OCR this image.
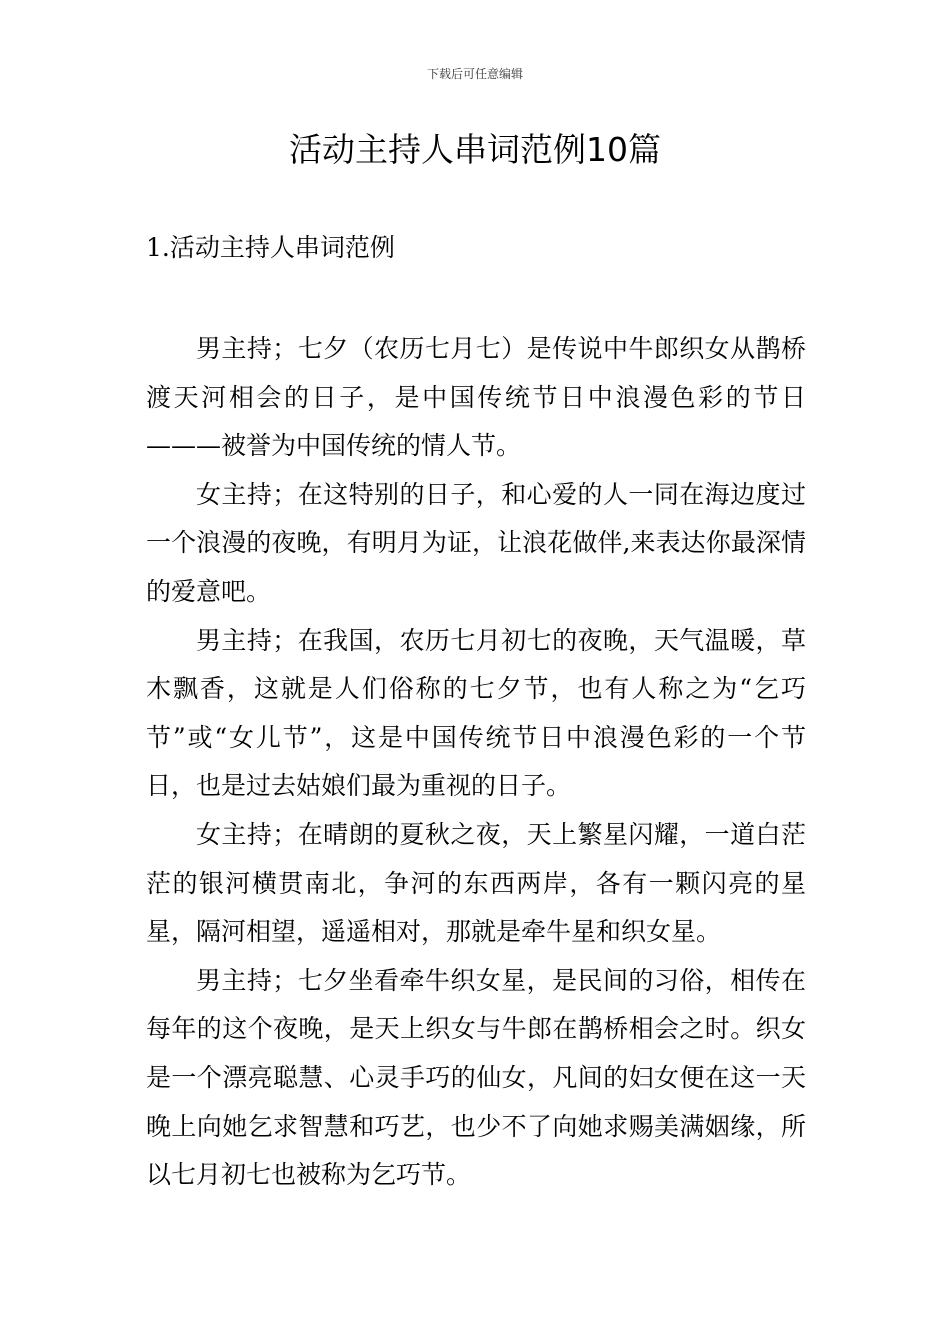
下载后可任意编辑
活动主持人串词范例10篇
1.活动主持人串词范例

男主持；七夕（农历七月七）是传说中牛郎织女从鹊桥渡天河相会的日子，是中国传统节日中浪漫色彩的节日———被誉为中国传统的情人节。

女主持；在这特别的日子，和心爱的人一同在海边度过一个浪漫的夜晚，有明月为证，让浪花做伴,来表达你最深情的爱意吧。

男主持；在我国，农历七月初七的夜晚，天气温暖，草木飘香，这就是人们俗称的七夕节，也有人称之为“乞巧节”或“女儿节”，这是中国传统节日中浪漫色彩的一个节日，也是过去姑娘们最为重视的日子。

女主持；在晴朗的夏秋之夜，天上繁星闪耀，一道白茫茫的银河横贯南北，争河的东西两岸，各有一颗闪亮的星星，隔河相望，遥遥相对，那就是牵牛星和织女星。

男主持；七夕坐看牵牛织女星，是民间的习俗，相传在每年的这个夜晚，是天上织女与牛郎在鹊桥相会之时。织女是一个漂亮聪慧、心灵手巧的仙女，凡间的妇女便在这一天晚上向她乞求智慧和巧艺，也少不了向她求赐美满姻缘，所以七月初七也被称为乞巧节。
